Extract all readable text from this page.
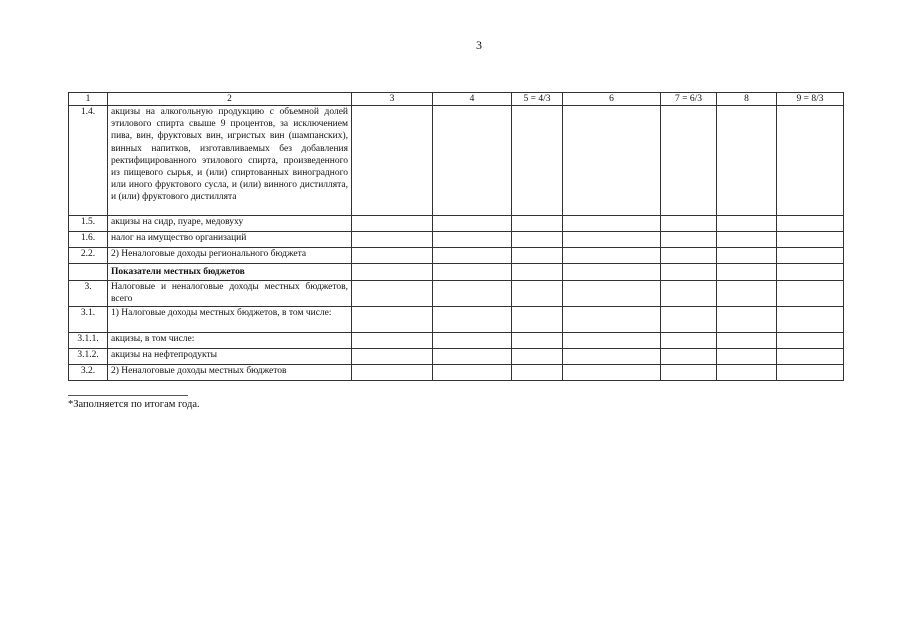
3
1	2	3	4	5 = 4/3	6	7 = 6/3	8	9 = 8/3
1.4.	акцизы на алкогольную продукцию с объемной долей этилового спирта свыше 9 процентов, за исключением пива, вин, фруктовых вин, игристых вин (шампанских), винных напитков, изготавливаемых без добавления ректифицированного этилового спирта, произведенного из пищевого сырья, и (или) спиртованных виноградного или иного фруктового сусла, и (или) винного дистиллята, и (или) фруктового дистиллята							
1.5.	акцизы на сидр, пуаре, медовуху							
1.6.	налог на имущество организаций							
2.2.	2) Неналоговые доходы регионального бюджета							
	Показатели местных бюджетов							
3.	Налоговые и неналоговые доходы местных бюджетов, всего							
3.1.	1) Налоговые доходы местных бюджетов, в том числе:							
3.1.1.	акцизы, в том числе:							
3.1.2.	акцизы на нефтепродукты							
3.2.	2) Неналоговые доходы местных бюджетов							
*Заполняется по итогам года.
